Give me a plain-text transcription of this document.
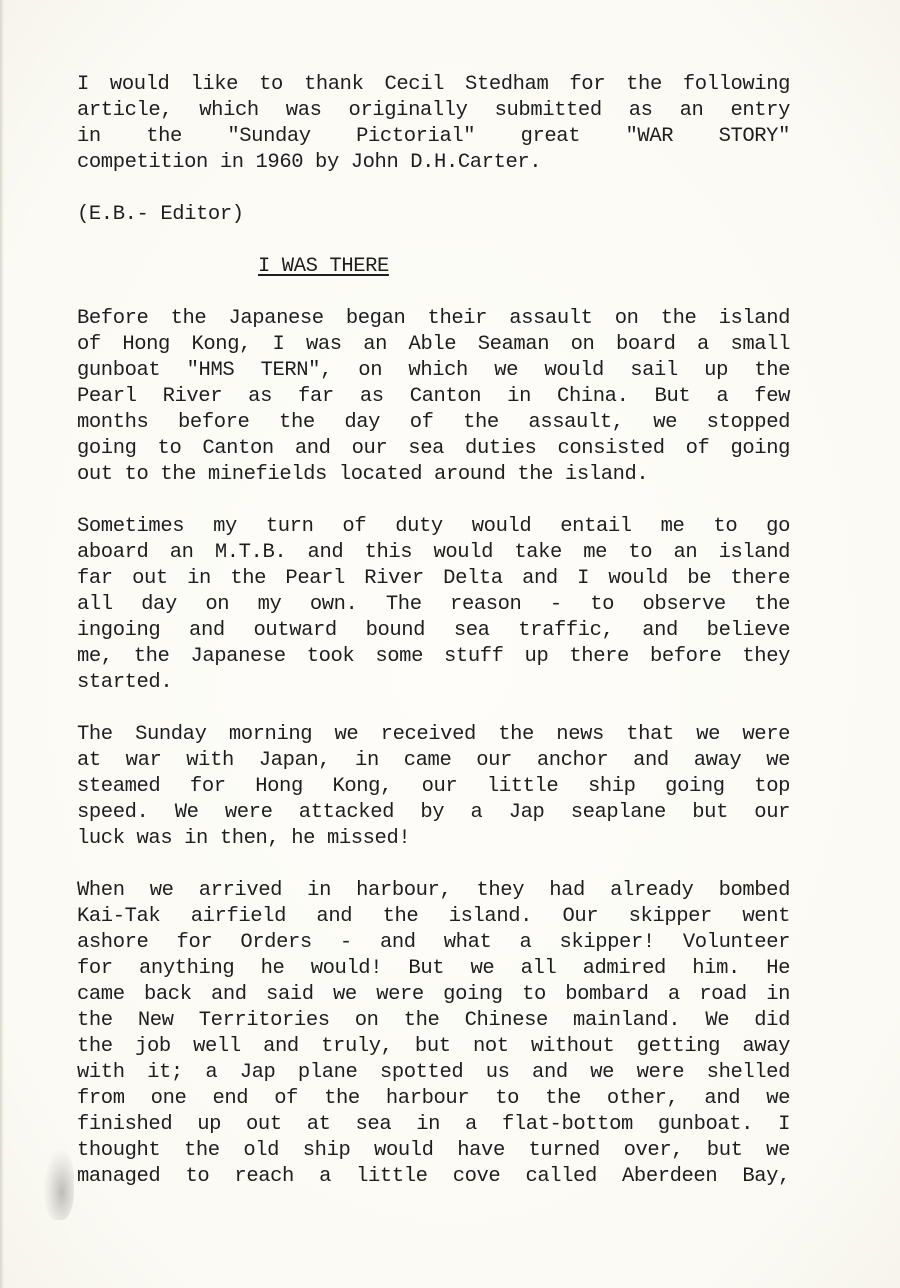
I would like to thank Cecil Stedham for the following
article, which was originally submitted as an entry
in the "Sunday Pictorial" great "WAR STORY"
competition in 1960 by John D.H.Carter.
(E.B.- Editor)
I WAS THERE
Before the Japanese began their assault on the island
of Hong Kong, I was an Able Seaman on board a small
gunboat "HMS TERN", on which we would sail up the
Pearl River as far as Canton in China. But a few
months before the day of the assault, we stopped
going to Canton and our sea duties consisted of going
out to the minefields located around the island.
Sometimes my turn of duty would entail me to go
aboard an M.T.B. and this would take me to an island
far out in the Pearl River Delta and I would be there
all day on my own. The reason - to observe the
ingoing and outward bound sea traffic, and believe
me, the Japanese took some stuff up there before they
started.
The Sunday morning we received the news that we were
at war with Japan, in came our anchor and away we
steamed for Hong Kong, our little ship going top
speed. We were attacked by a Jap seaplane but our
luck was in then, he missed!
When we arrived in harbour, they had already bombed
Kai-Tak airfield and the island. Our skipper went
ashore for Orders - and what a skipper! Volunteer
for anything he would! But we all admired him. He
came back and said we were going to bombard a road in
the New Territories on the Chinese mainland. We did
the job well and truly, but not without getting away
with it; a Jap plane spotted us and we were shelled
from one end of the harbour to the other, and we
finished up out at sea in a flat-bottom gunboat. I
thought the old ship would have turned over, but we
managed to reach a little cove called Aberdeen Bay,
